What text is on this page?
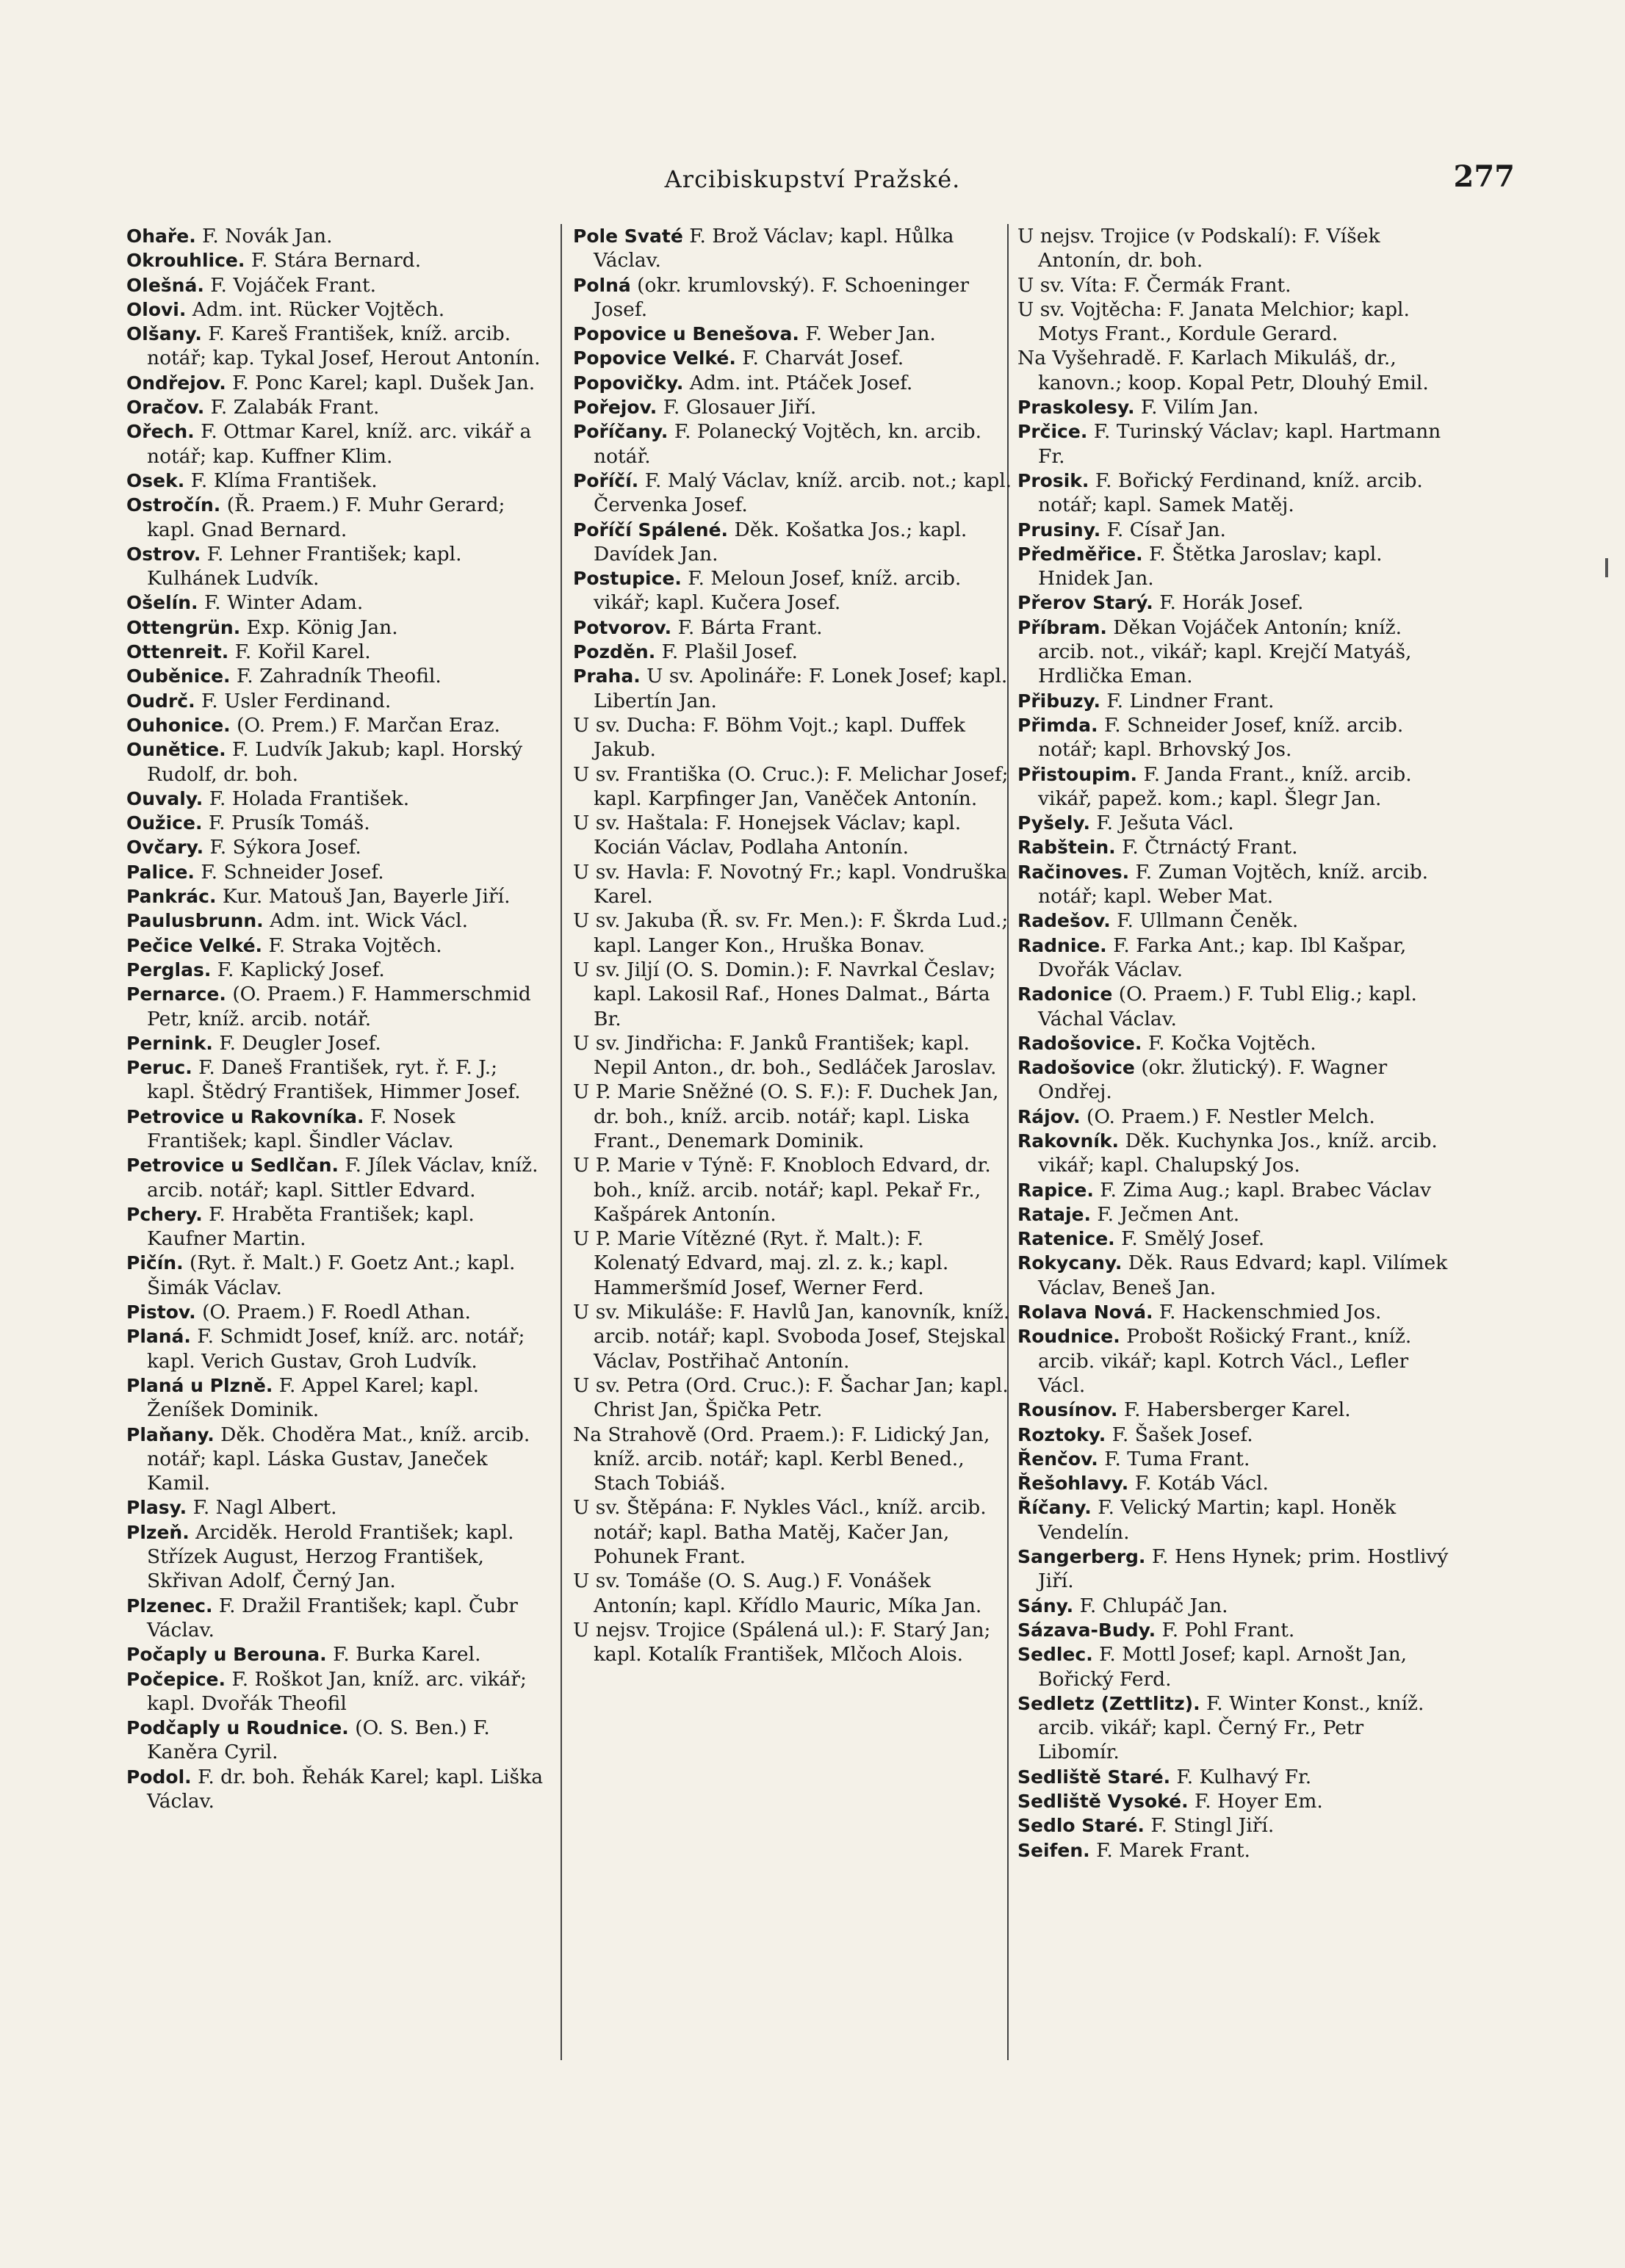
Arcibiskupství Pražské.	277

Ohaře. F. Novák Jan.

Okrouhlice. F. Stára Bernard.

Olešná. F. Vojáček Frant.

Olovi. Adm. int. Rücker Vojtěch.

Olšany. F. Kareš František, kníž. arcib. notář; kap. Tykal Josef, Herout Antonín.

Ondřejov. F. Ponc Karel; kapl. Dušek Jan.

Oračov. F. Zalabák Frant.

Ořech. F. Ottmar Karel, kníž. arc. vikář a notář; kap. Kuffner Klim.

Osek. F. Klíma František.

Ostročín. (Ř. Praem.) F. Muhr Gerard; kapl. Gnad Bernard.

Ostrov. F. Lehner František; kapl. Kulhánek Ludvík.

Ošelín. F. Winter Adam.

Ottengrün. Exp. König Jan.

Ottenreit. F. Kořil Karel.

Ouběnice. F. Zahradník Theofil.

Oudrč. F. Usler Ferdinand.

Ouhonice. (O. Prem.) F. Marčan Eraz.

Ounětice. F. Ludvík Jakub; kapl. Horský Rudolf, dr. boh.

Ouvaly. F. Holada František.

Oužice. F. Prusík Tomáš.

Ovčary. F. Sýkora Josef.

Palice. F. Schneider Josef.

Pankrác. Kur. Matouš Jan, Bayerle Jiří.

Paulusbrunn. Adm. int. Wick Václ.

Pečice Velké. F. Straka Vojtěch.

Perglas. F. Kaplický Josef.

Pernarce. (O. Praem.) F. Hammerschmid Petr, kníž. arcib. notář.

Pernink. F. Deugler Josef.

Peruc. F. Daneš František, ryt. ř. F. J.; kapl. Štědrý František, Himmer Josef.

Petrovice u Rakovníka. F. Nosek František; kapl. Šindler Václav.

Petrovice u Sedlčan. F. Jílek Václav, kníž. arcib. notář; kapl. Sittler Edvard.

Pchery. F. Hraběta František; kapl. Kaufner Martin.

Pičín. (Ryt. ř. Malt.) F. Goetz Ant.; kapl. Šimák Václav.

Pistov. (O. Praem.) F. Roedl Athan.

Planá. F. Schmidt Josef, kníž. arc. notář; kapl. Verich Gustav, Groh Ludvík.

Planá u Plzně. F. Appel Karel; kapl. Ženíšek Dominik.

Plaňany. Děk. Choděra Mat., kníž. arcib. notář; kapl. Láska Gustav, Janeček Kamil.

Plasy. F. Nagl Albert.

Plzeň. Arciděk. Herold František; kapl. Střízek August, Herzog František, Skřivan Adolf, Černý Jan.

Plzenec. F. Dražil František; kapl. Čubr Václav.

Počaply u Berouna. F. Burka Karel.

Počepice. F. Roškot Jan, kníž. arc. vikář; kapl. Dvořák Theofil

Podčaply u Roudnice. (O. S. Ben.) F. Kaněra Cyril.

Podol. F. dr. boh. Řehák Karel; kapl. Liška Václav.

Pole Svaté F. Brož Václav; kapl. Hůlka Václav.

Polná (okr. krumlovský). F. Schoeninger Josef.

Popovice u Benešova. F. Weber Jan.

Popovice Velké. F. Charvát Josef.

Popovičky. Adm. int. Ptáček Josef.

Pořejov. F. Glosauer Jiří.

Poříčany. F. Polanecký Vojtěch, kn. arcib. notář.

Poříčí. F. Malý Václav, kníž. arcib. not.; kapl. Červenka Josef.

Poříčí Spálené. Děk. Košatka Jos.; kapl. Davídek Jan.

Postupice. F. Meloun Josef, kníž. arcib. vikář; kapl. Kučera Josef.

Potvorov. F. Bárta Frant.

Pozděn. F. Plašil Josef.

Praha. U sv. Apolináře: F. Lonek Josef; kapl. Libertín Jan.

U sv. Ducha: F. Böhm Vojt.; kapl. Duffek Jakub.

U sv. Františka (O. Cruc.): F. Melichar Josef; kapl. Karpfinger Jan, Vaněček Antonín.

U sv. Haštala: F. Honejsek Václav; kapl. Kocián Václav, Podlaha Antonín.

U sv. Havla: F. Novotný Fr.; kapl. Vondruška Karel.

U sv. Jakuba (Ř. sv. Fr. Men.): F. Škrda Lud.; kapl. Langer Kon., Hruška Bonav.

U sv. Jiljí (O. S. Domin.): F. Navrkal Česlav; kapl. Lakosil Raf., Hones Dalmat., Bárta Br.

U sv. Jindřicha: F. Janků František; kapl. Nepil Anton., dr. boh., Sedláček Jaroslav.

U P. Marie Sněžné (O. S. F.): F. Duchek Jan, dr. boh., kníž. arcib. notář; kapl. Liska Frant., Denemark Dominik.

U P. Marie v Týně: F. Knobloch Edvard, dr. boh., kníž. arcib. notář; kapl. Pekař Fr., Kašpárek Antonín.

U P. Marie Vítězné (Ryt. ř. Malt.): F. Kolenatý Edvard, maj. zl. z. k.; kapl. Hammeršmíd Josef, Werner Ferd.

U sv. Mikuláše: F. Havlů Jan, kanovník, kníž. arcib. notář; kapl. Svoboda Josef, Stejskal Václav, Postřihač Antonín.

U sv. Petra (Ord. Cruc.): F. Šachar Jan; kapl. Christ Jan, Špička Petr.

Na Strahově (Ord. Praem.): F. Lidický Jan, kníž. arcib. notář; kapl. Kerbl Bened., Stach Tobiáš.

U sv. Štěpána: F. Nykles Václ., kníž. arcib. notář; kapl. Batha Matěj, Kačer Jan, Pohunek Frant.

U sv. Tomáše (O. S. Aug.) F. Vonášek Antonín; kapl. Křídlo Mauric, Míka Jan.

U nejsv. Trojice (Spálená ul.): F. Starý Jan; kapl. Kotalík František, Mlčoch Alois.

U nejsv. Trojice (v Podskalí): F. Víšek Antonín, dr. boh.

U sv. Víta: F. Čermák Frant.

U sv. Vojtěcha: F. Janata Melchior; kapl. Motys Frant., Kordule Gerard.

Na Vyšehradě. F. Karlach Mikuláš, dr., kanovn.; koop. Kopal Petr, Dlouhý Emil.

Praskolesy. F. Vilím Jan.

Prčice. F. Turinský Václav; kapl. Hartmann Fr.

Prosik. F. Bořický Ferdinand, kníž. arcib. notář; kapl. Samek Matěj.

Prusiny. F. Císař Jan.

Předměřice. F. Štětka Jaroslav; kapl. Hnidek Jan.

Přerov Starý. F. Horák Josef.

Příbram. Děkan Vojáček Antonín; kníž. arcib. not., vikář; kapl. Krejčí Matyáš, Hrdlička Eman.

Přibuzy. F. Lindner Frant.

Přimda. F. Schneider Josef, kníž. arcib. notář; kapl. Brhovský Jos.

Přistoupim. F. Janda Frant., kníž. arcib. vikář, papež. kom.; kapl. Šlegr Jan.

Pyšely. F. Ješuta Václ.

Rabštein. F. Čtrnáctý Frant.

Račinoves. F. Zuman Vojtěch, kníž. arcib. notář; kapl. Weber Mat.

Radešov. F. Ullmann Čeněk.

Radnice. F. Farka Ant.; kap. Ibl Kašpar, Dvořák Václav.

Radonice (O. Praem.) F. Tubl Elig.; kapl. Váchal Václav.

Radošovice. F. Kočka Vojtěch.

Radošovice (okr. žlutický). F. Wagner Ondřej.

Rájov. (O. Praem.) F. Nestler Melch.

Rakovník. Děk. Kuchynka Jos., kníž. arcib. vikář; kapl. Chalupský Jos.

Rapice. F. Zima Aug.; kapl. Brabec Václav

Rataje. F. Ječmen Ant.

Ratenice. F. Smělý Josef.

Rokycany. Děk. Raus Edvard; kapl. Vilímek Václav, Beneš Jan.

Rolava Nová. F. Hackenschmied Jos.

Roudnice. Probošt Rošický Frant., kníž. arcib. vikář; kapl. Kotrch Václ., Lefler Václ.

Rousínov. F. Habersberger Karel.

Roztoky. F. Šašek Josef.

Řenčov. F. Tuma Frant.

Řešohlavy. F. Kotáb Václ.

Říčany. F. Velický Martin; kapl. Honěk Vendelín.

Sangerberg. F. Hens Hynek; prim. Hostlivý Jiří.

Sány. F. Chlupáč Jan.

Sázava-Budy. F. Pohl Frant.

Sedlec. F. Mottl Josef; kapl. Arnošt Jan, Bořický Ferd.

Sedletz (Zettlitz). F. Winter Konst., kníž. arcib. vikář; kapl. Černý Fr., Petr Libomír.

Sedliště Staré. F. Kulhavý Fr.

Sedliště Vysoké. F. Hoyer Em.

Sedlo Staré. F. Stingl Jiří.

Seifen. F. Marek Frant.
